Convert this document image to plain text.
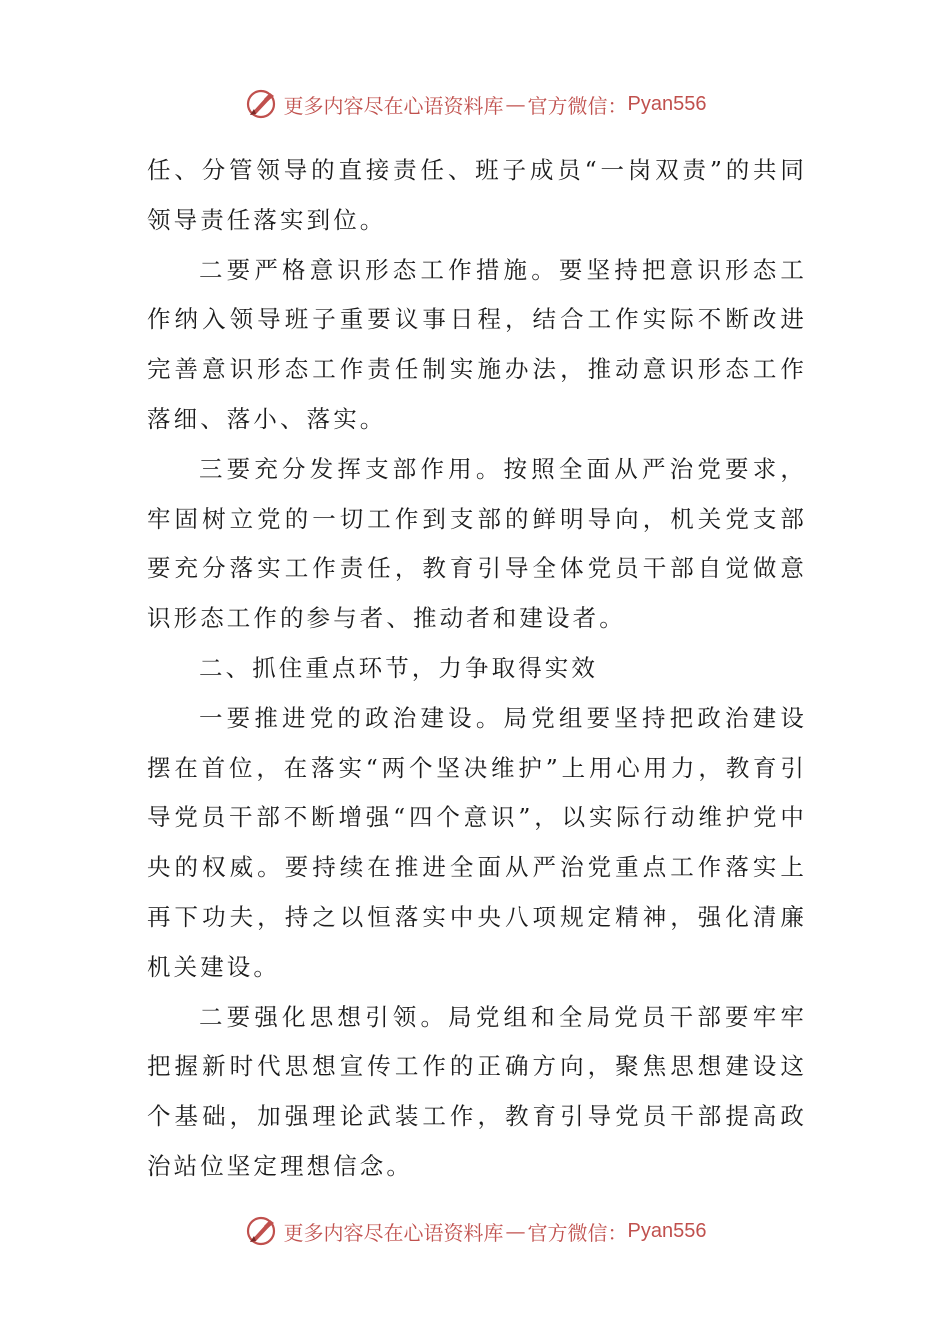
更多内容尽在心语资料库 — 官方微信： Pyan556

任、分管领导的直接责任、班子成员“一岗双责”的共同领导责任落实到位。

二要严格意识形态工作措施。要坚持把意识形态工作纳入领导班子重要议事日程，结合工作实际不断改进完善意识形态工作责任制实施办法，推动意识形态工作落细、落小、落实。

三要充分发挥支部作用。按照全面从严治党要求，牢固树立党的一切工作到支部的鲜明导向，机关党支部要充分落实工作责任，教育引导全体党员干部自觉做意识形态工作的参与者、推动者和建设者。

二、抓住重点环节，力争取得实效

一要推进党的政治建设。局党组要坚持把政治建设摆在首位，在落实“两个坚决维护”上用心用力，教育引导党员干部不断增强“四个意识”，以实际行动维护党中央的权威。要持续在推进全面从严治党重点工作落实上再下功夫，持之以恒落实中央八项规定精神，强化清廉机关建设。

二要强化思想引领。局党组和全局党员干部要牢牢把握新时代思想宣传工作的正确方向，聚焦思想建设这个基础，加强理论武装工作，教育引导党员干部提高政治站位坚定理想信念。

更多内容尽在心语资料库 — 官方微信： Pyan556
